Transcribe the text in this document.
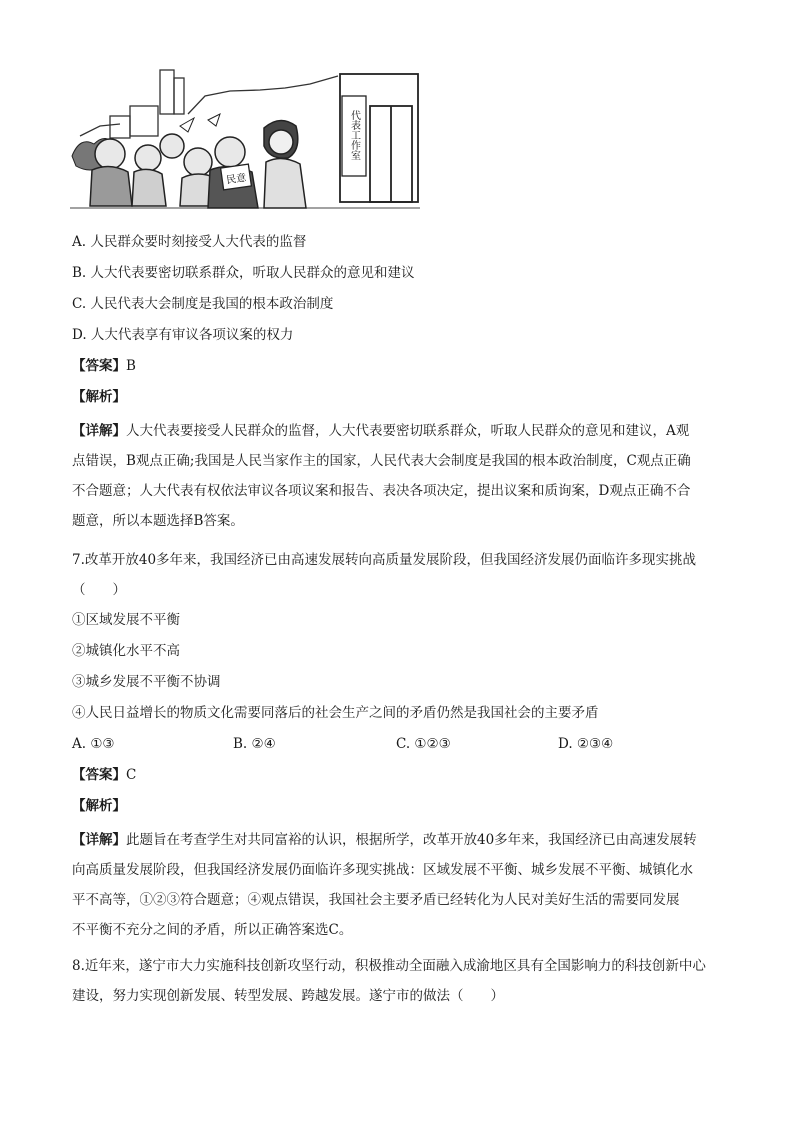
代表工作室
民意
A. 人民群众要时刻接受人大代表的监督
B. 人大代表要密切联系群众，听取人民群众的意见和建议
C. 人民代表大会制度是我国的根本政治制度
D. 人大代表享有审议各项议案的权力
【答案】B
【解析】
【详解】人大代表要接受人民群众的监督，人大代表要密切联系群众，听取人民群众的意见和建议，A观
点错误，B观点正确;我国是人民当家作主的国家，人民代表大会制度是我国的根本政治制度，C观点正确
不合题意；人大代表有权依法审议各项议案和报告、表决各项决定，提出议案和质询案，D观点正确不合
题意，所以本题选择B答案。
7.改革开放40多年来，我国经济已由高速发展转向高质量发展阶段，但我国经济发展仍面临许多现实挑战
（　　）
①区域发展不平衡
②城镇化水平不高
③城乡发展不平衡不协调
④人民日益增长的物质文化需要同落后的社会生产之间的矛盾仍然是我国社会的主要矛盾
A. ①③	B. ②④	C. ①②③	D. ②③④
【答案】C
【解析】
【详解】此题旨在考查学生对共同富裕的认识，根据所学，改革开放40多年来，我国经济已由高速发展转
向高质量发展阶段，但我国经济发展仍面临许多现实挑战：区域发展不平衡、城乡发展不平衡、城镇化水
平不高等，①②③符合题意；④观点错误，我国社会主要矛盾已经转化为人民对美好生活的需要同发展
不平衡不充分之间的矛盾，所以正确答案选C。
8.近年来，遂宁市大力实施科技创新攻坚行动，积极推动全面融入成渝地区具有全国影响力的科技创新中心
建设，努力实现创新发展、转型发展、跨越发展。遂宁市的做法（　　）
